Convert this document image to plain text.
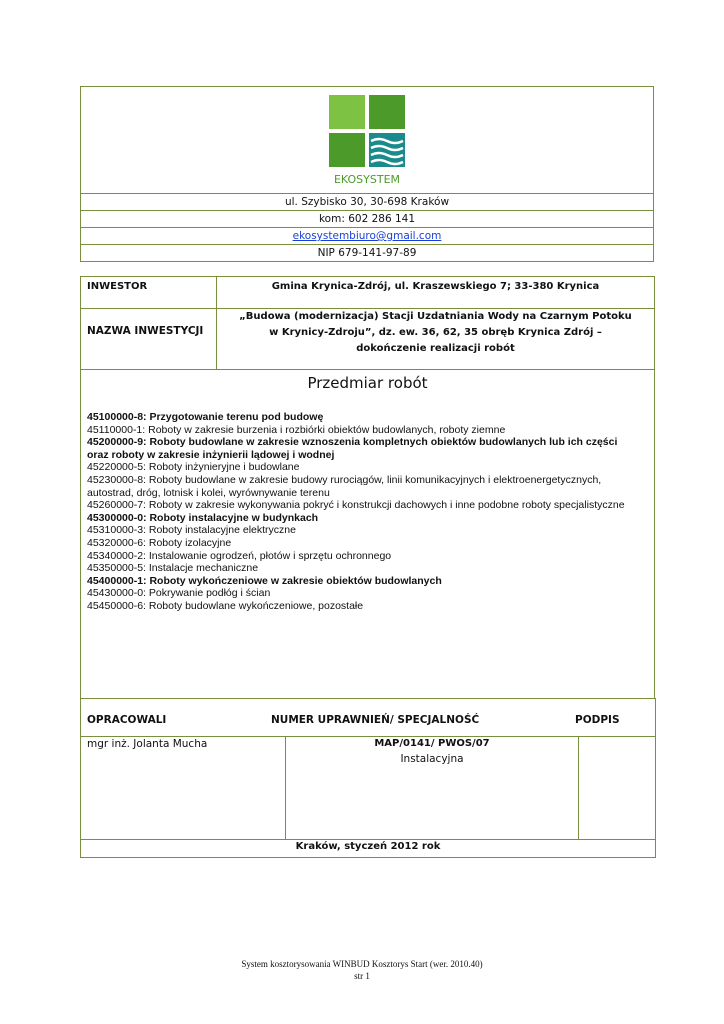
EKOSYSTEM
ul. Szybisko 30, 30-698 Kraków
kom: 602 286 141
ekosystembiuro@gmail.com
NIP 679-141-97-89
INWESTOR	Gmina Krynica-Zdrój, ul. Kraszewskiego 7; 33-380 Krynica
NAZWA INWESTYCJI
„Budowa (modernizacja) Stacji Uzdatniania Wody na Czarnym Potoku
w Krynicy-Zdroju”, dz. ew. 36, 62, 35 obręb Krynica Zdrój –
dokończenie realizacji robót
Przedmiar robót
45100000-8: Przygotowanie terenu pod budowę
45110000-1: Roboty w zakresie burzenia i rozbiórki obiektów budowlanych, roboty ziemne
45200000-9: Roboty budowlane w zakresie wznoszenia kompletnych obiektów budowlanych lub ich części
oraz roboty w zakresie inżynierii lądowej i wodnej
45220000-5: Roboty inżynieryjne i budowlane
45230000-8: Roboty budowlane w zakresie budowy rurociągów, linii komunikacyjnych i elektroenergetycznych,
autostrad, dróg, lotnisk i kolei, wyrównywanie terenu
45260000-7: Roboty w zakresie wykonywania pokryć i konstrukcji dachowych i inne podobne roboty specjalistyczne
45300000-0: Roboty instalacyjne w budynkach
45310000-3: Roboty instalacyjne elektryczne
45320000-6: Roboty izolacyjne
45340000-2: Instalowanie ogrodzeń, płotów i sprzętu ochronnego
45350000-5: Instalacje mechaniczne
45400000-1: Roboty wykończeniowe w zakresie obiektów budowlanych
45430000-0: Pokrywanie podłóg i ścian
45450000-6: Roboty budowlane wykończeniowe, pozostałe
OPRACOWALI	NUMER UPRAWNIEŃ/ SPECJALNOŚĆ	PODPIS
mgr inż. Jolanta Mucha	MAP/0141/ PWOS/07
Instalacyjna
Kraków, styczeń 2012 rok
System kosztorysowania WINBUD Kosztorys Start (wer. 2010.40)
str 1
